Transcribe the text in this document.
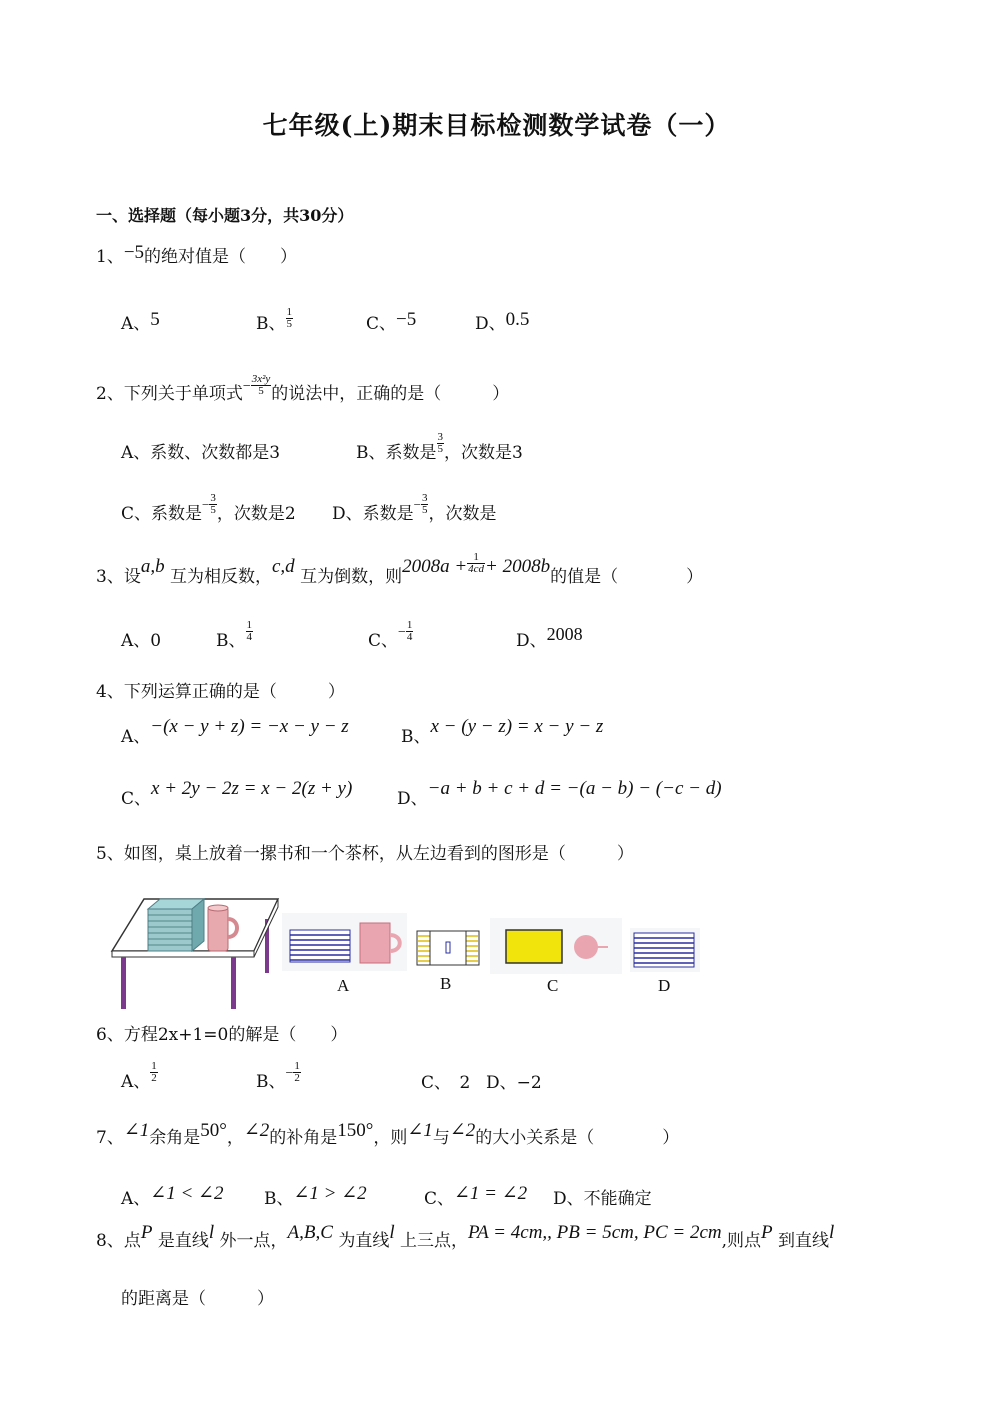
七年级(上)期末目标检测数学试卷（一）
一、选择题（每小题3分，共30分）
1、−5的绝对值是（　　）
A、5	B、 $\frac{1}{5}$	C、−5	D、0.5
2、下列关于单项式− $\frac{\text{3x²y}}{5}$ 的说法中，正确的是（　　　）
A、系数、次数都是3	B、系数是 $\frac{3}{5}$ ，次数是3
C、系数是− $\frac{3}{5}$ ，次数是2 D、系数是− $\frac{3}{5}$ ，次数是
3、设a,b 互为相反数，c,d 互为倒数，则$2008a + \frac{1}{4cd} + 2008b$的值是（　　　　）
A、0	B、 $\frac{1}{4}$	C、− $\frac{1}{4}$	D、2008
4、下列运算正确的是（　　　）
A、−(x − y + z) = −x − y − z	B、x − (y − z) = x − y − z
C、x + 2y − 2z = x − 2(z + y)	D、−a + b + c + d = −(a − b) − (−c − d)
5、如图，桌上放着一摞书和一个茶杯，从左边看到的图形是（　　　）
A	B	C	D
6、方程2x+1=0的解是（　　）
A、 $\frac{1}{2}$	B、− $\frac{1}{2}$	C、　2 D、−2
7、∠1余角是50°，∠2的补角是150°，则∠1与∠2的大小关系是（　　　　）
A、∠1 < ∠2 B、∠1 > ∠2	C、∠1 = ∠2 D、不能确定
8、点P 是直线l 外一点，A,B,C 为直线l 上三点，PA = 4cm,, PB = 5cm, PC = 2cm,则点P 到直线l
的距离是（　　　）
